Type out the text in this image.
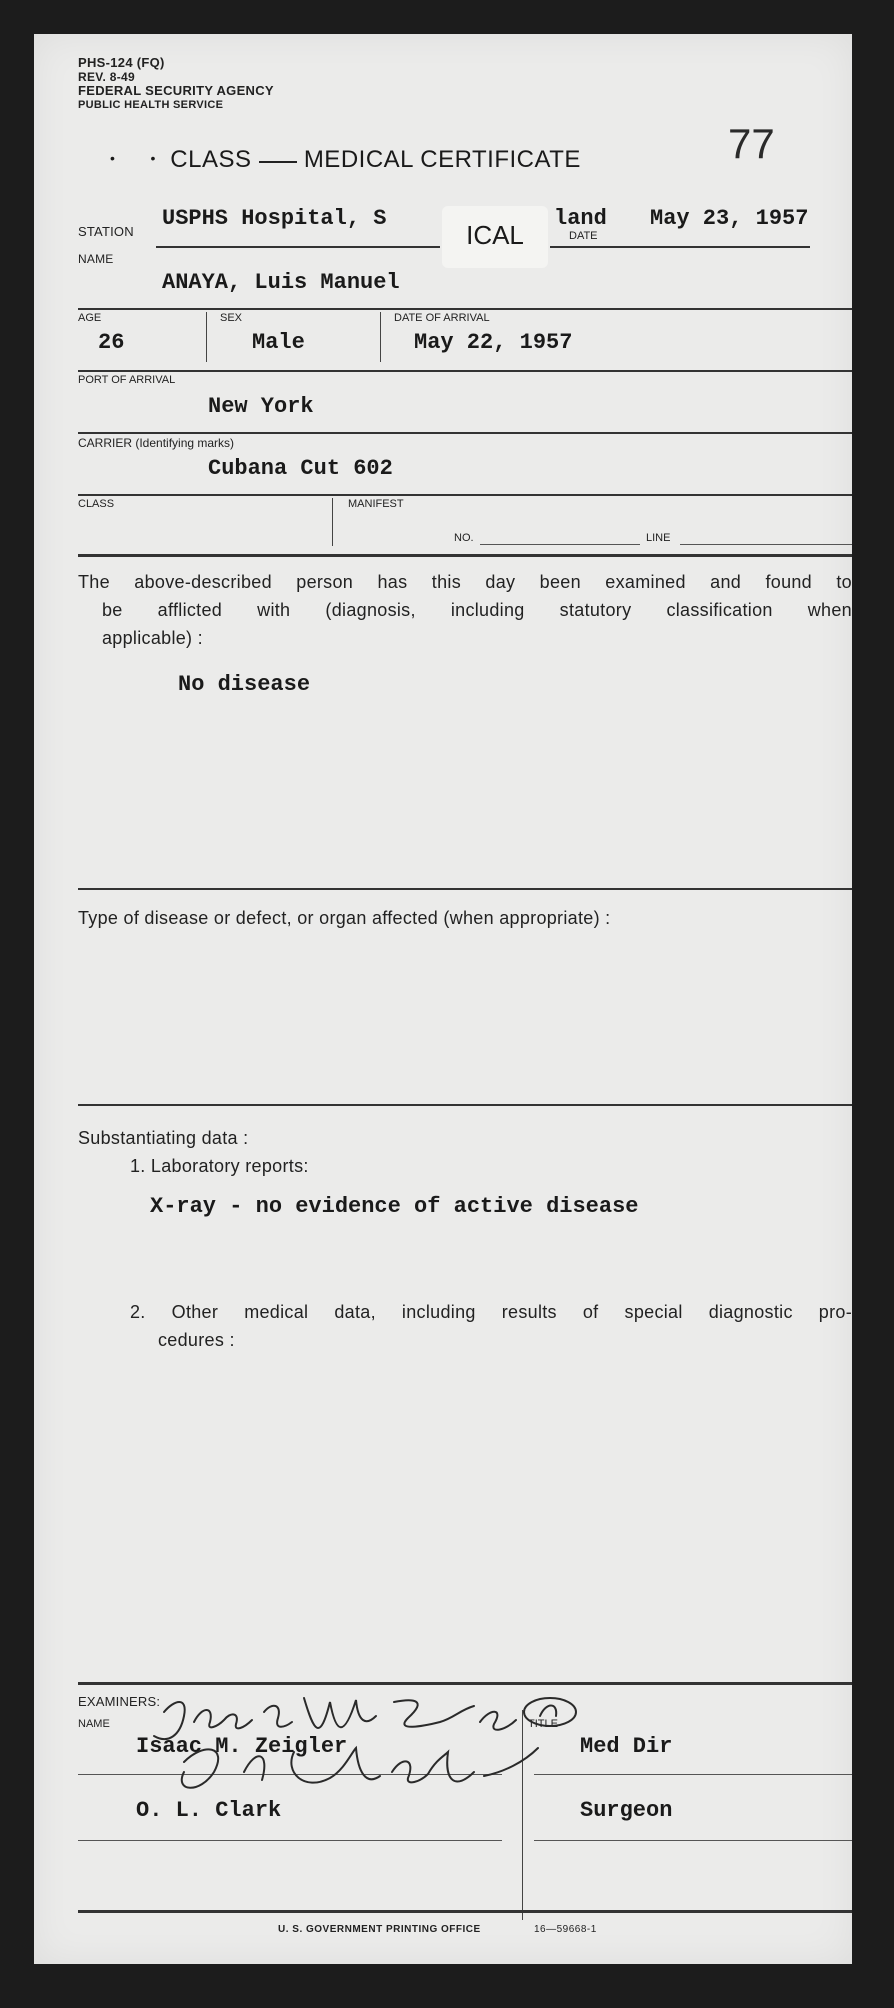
PHS-124 (FQ)
REV. 8-49
FEDERAL SECURITY AGENCY
PUBLIC HEALTH SERVICE
77
•        • CLASS MEDICAL CERTIFICATE
STATION
USPHS Hospital, S	land
DATE
May 23, 1957
ICAL
NAME
ANAYA, Luis Manuel
AGE
26
SEX
Male
DATE OF ARRIVAL
May 22, 1957
PORT OF ARRIVAL
New York
CARRIER (Identifying marks)
Cubana Cut 602
CLASS	MANIFEST
NO.	LINE
The above-described person has this day been examined and found to
be afflicted with (diagnosis, including statutory classification when
applicable) :
No disease
Type of disease or defect, or organ affected (when appropriate) :
Substantiating data :
1. Laboratory reports:
X-ray - no evidence of active disease
2. Other medical data, including results of special diagnostic pro-
cedures :
EXAMINERS:
NAME	TITLE
Isaac M. Zeigler	Med Dir
O. L. Clark	Surgeon
U. S. GOVERNMENT PRINTING OFFICE	16—59668-1
